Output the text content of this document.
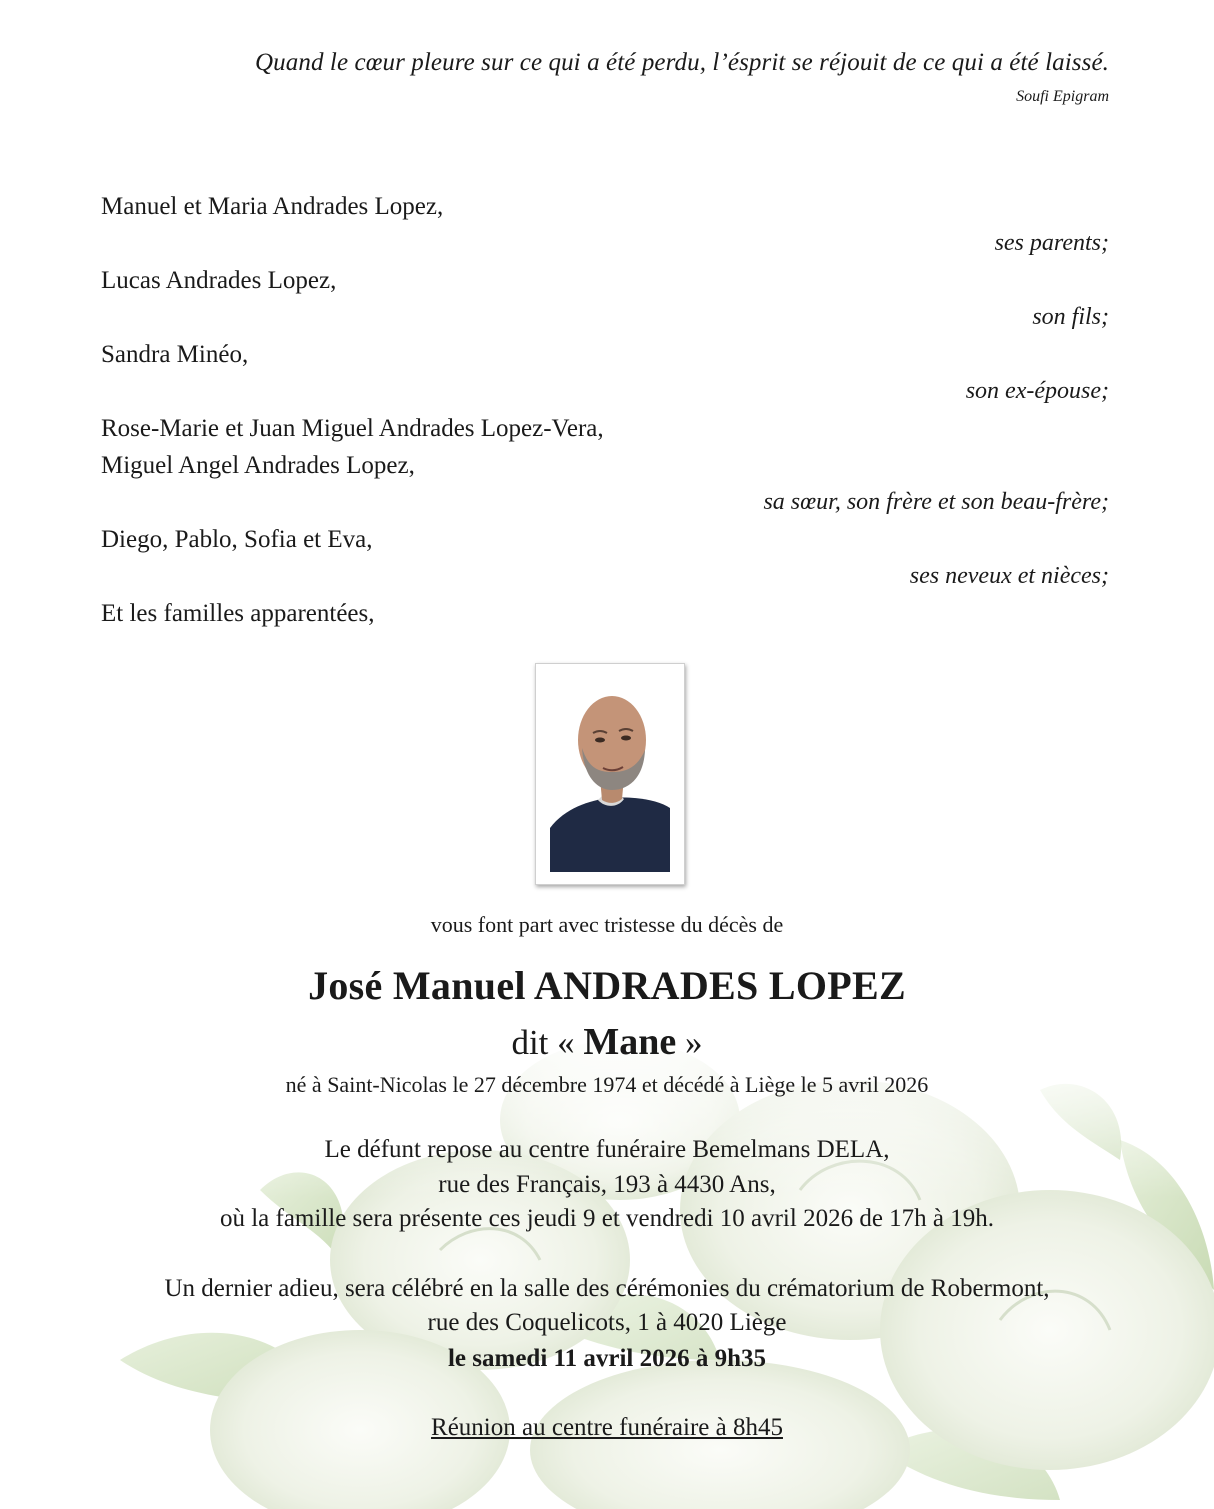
Quand le cœur pleure sur ce qui a été perdu, l’ésprit se réjouit de ce qui a été laissé.
Soufi Epigram
Manuel et Maria Andrades Lopez,
ses parents;
Lucas Andrades Lopez,
son fils;
Sandra Minéo,
son ex-épouse;
Rose-Marie et Juan Miguel Andrades Lopez-Vera,
Miguel Angel Andrades Lopez,
sa sœur, son frère et son beau-frère;
Diego, Pablo, Sofia et Eva,
ses neveux et nièces;
Et les familles apparentées,
vous font part avec tristesse du décès de
José Manuel ANDRADES LOPEZ
dit « Mane »
né à Saint-Nicolas le 27 décembre 1974 et décédé à Liège le 5 avril 2026
Le défunt repose au centre funéraire Bemelmans DELA,
rue des Français, 193 à 4430 Ans,
où la famille sera présente ces jeudi 9 et vendredi 10 avril 2026 de 17h à 19h.
Un dernier adieu, sera célébré en la salle des cérémonies du crématorium de Robermont,
rue des Coquelicots, 1 à 4020 Liège
le samedi 11 avril 2026 à 9h35
Réunion au centre funéraire à 8h45
